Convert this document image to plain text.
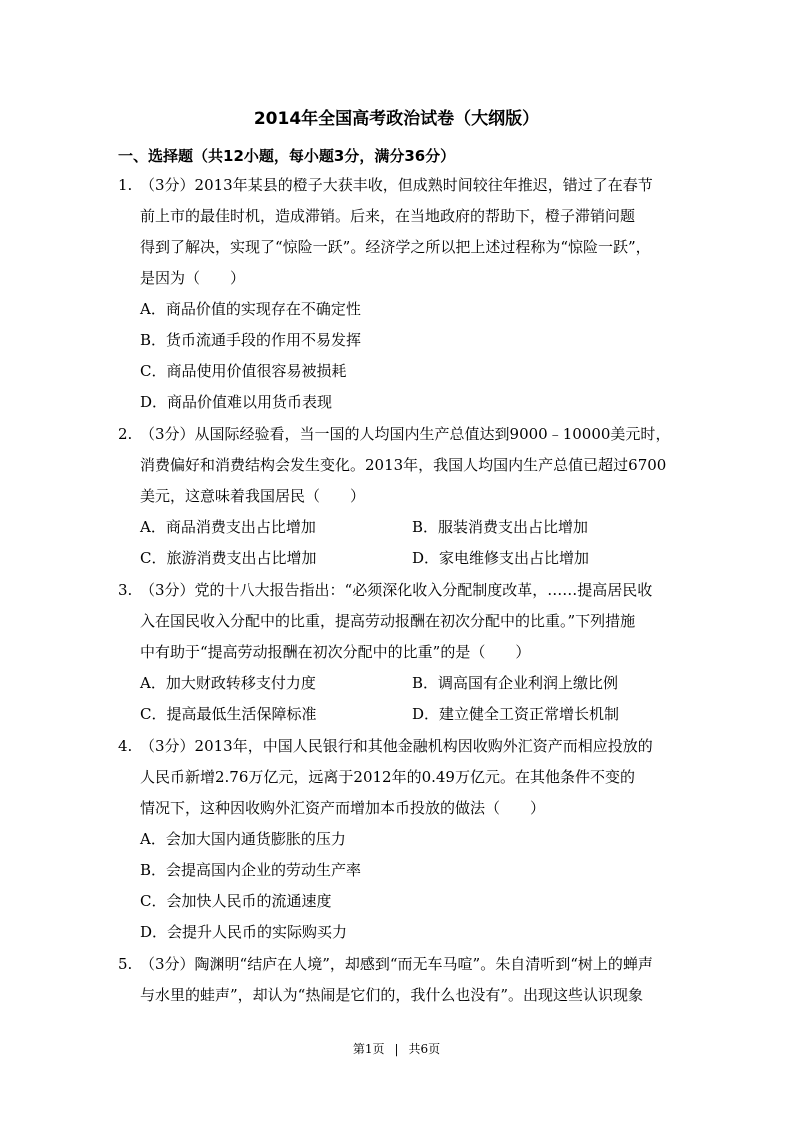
2014年全国高考政治试卷（大纲版）
一、选择题（共12小题，每小题3分，满分36分）
1. （3分）2013年某县的橙子大获丰收，但成熟时间较往年推迟，错过了在春节
前上市的最佳时机，造成滞销。后来，在当地政府的帮助下，橙子滞销问题
得到了解决，实现了“惊险一跃”。经济学之所以把上述过程称为“惊险一跃”，
是因为（　　）
A．商品价值的实现存在不确定性
B．货币流通手段的作用不易发挥
C．商品使用价值很容易被损耗
D．商品价值难以用货币表现
2. （3分）从国际经验看，当一国的人均国内生产总值达到9000﹣10000美元时，
消费偏好和消费结构会发生变化。2013年，我国人均国内生产总值已超过6700
美元，这意味着我国居民（　　）
A．商品消费支出占比增加	B．服装消费支出占比增加
C．旅游消费支出占比增加	D．家电维修支出占比增加
3. （3分）党的十八大报告指出：“必须深化收入分配制度改革，……提高居民收
入在国民收入分配中的比重，提高劳动报酬在初次分配中的比重。”下列措施
中有助于“提高劳动报酬在初次分配中的比重”的是（　　）
A．加大财政转移支付力度	B．调高国有企业利润上缴比例
C．提高最低生活保障标准	D．建立健全工资正常增长机制
4. （3分）2013年，中国人民银行和其他金融机构因收购外汇资产而相应投放的
人民币新增2.76万亿元，远离于2012年的0.49万亿元。在其他条件不变的
情况下，这种因收购外汇资产而增加本币投放的做法（　　）
A．会加大国内通货膨胀的压力
B．会提高国内企业的劳动生产率
C．会加快人民币的流通速度
D．会提升人民币的实际购买力
5. （3分）陶渊明“结庐在人境”，却感到“而无车马喧”。朱自清听到“树上的蝉声
与水里的蛙声”，却认为“热闹是它们的，我什么也没有”。出现这些认识现象
第1页 | 共6页
